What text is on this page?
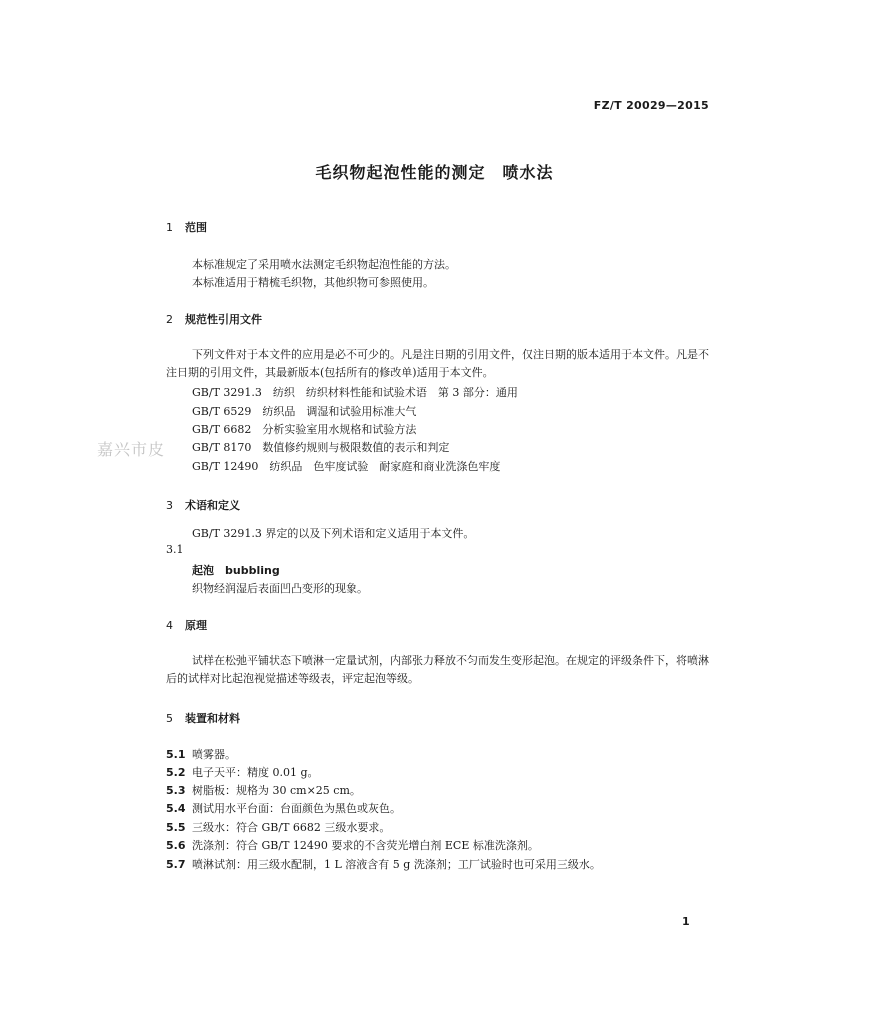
FZ/T 20029—2015
毛织物起泡性能的测定　喷水法
1 范围
本标准规定了采用喷水法测定毛织物起泡性能的方法。
本标准适用于精梳毛织物，其他织物可参照使用。
2 规范性引用文件
下列文件对于本文件的应用是必不可少的。凡是注日期的引用文件，仅注日期的版本适用于本文件。凡是不注日期的引用文件，其最新版本(包括所有的修改单)适用于本文件。
GB/T 3291.3　纺织　纺织材料性能和试验术语　第 3 部分：通用
GB/T 6529　纺织品　调湿和试验用标准大气
GB/T 6682　分析实验室用水规格和试验方法
GB/T 8170　数值修约规则与极限数值的表示和判定
GB/T 12490　纺织品　色牢度试验　耐家庭和商业洗涤色牢度
3 术语和定义
GB/T 3291.3 界定的以及下列术语和定义适用于本文件。
3.1
起泡　bubbling
织物经润湿后表面凹凸变形的现象。
4 原理
试样在松弛平铺状态下喷淋一定量试剂，内部张力释放不匀而发生变形起泡。在规定的评级条件下，将喷淋后的试样对比起泡视觉描述等级表，评定起泡等级。
5 装置和材料
5.1 喷雾器。
5.2 电子天平：精度 0.01 g。
5.3 树脂板：规格为 30 cm×25 cm。
5.4 测试用水平台面：台面颜色为黑色或灰色。
5.5 三级水：符合 GB/T 6682 三级水要求。
5.6 洗涤剂：符合 GB/T 12490 要求的不含荧光增白剂 ECE 标准洗涤剂。
5.7 喷淋试剂：用三级水配制，1 L 溶液含有 5 g 洗涤剂；工厂试验时也可采用三级水。
嘉兴市皮
1
